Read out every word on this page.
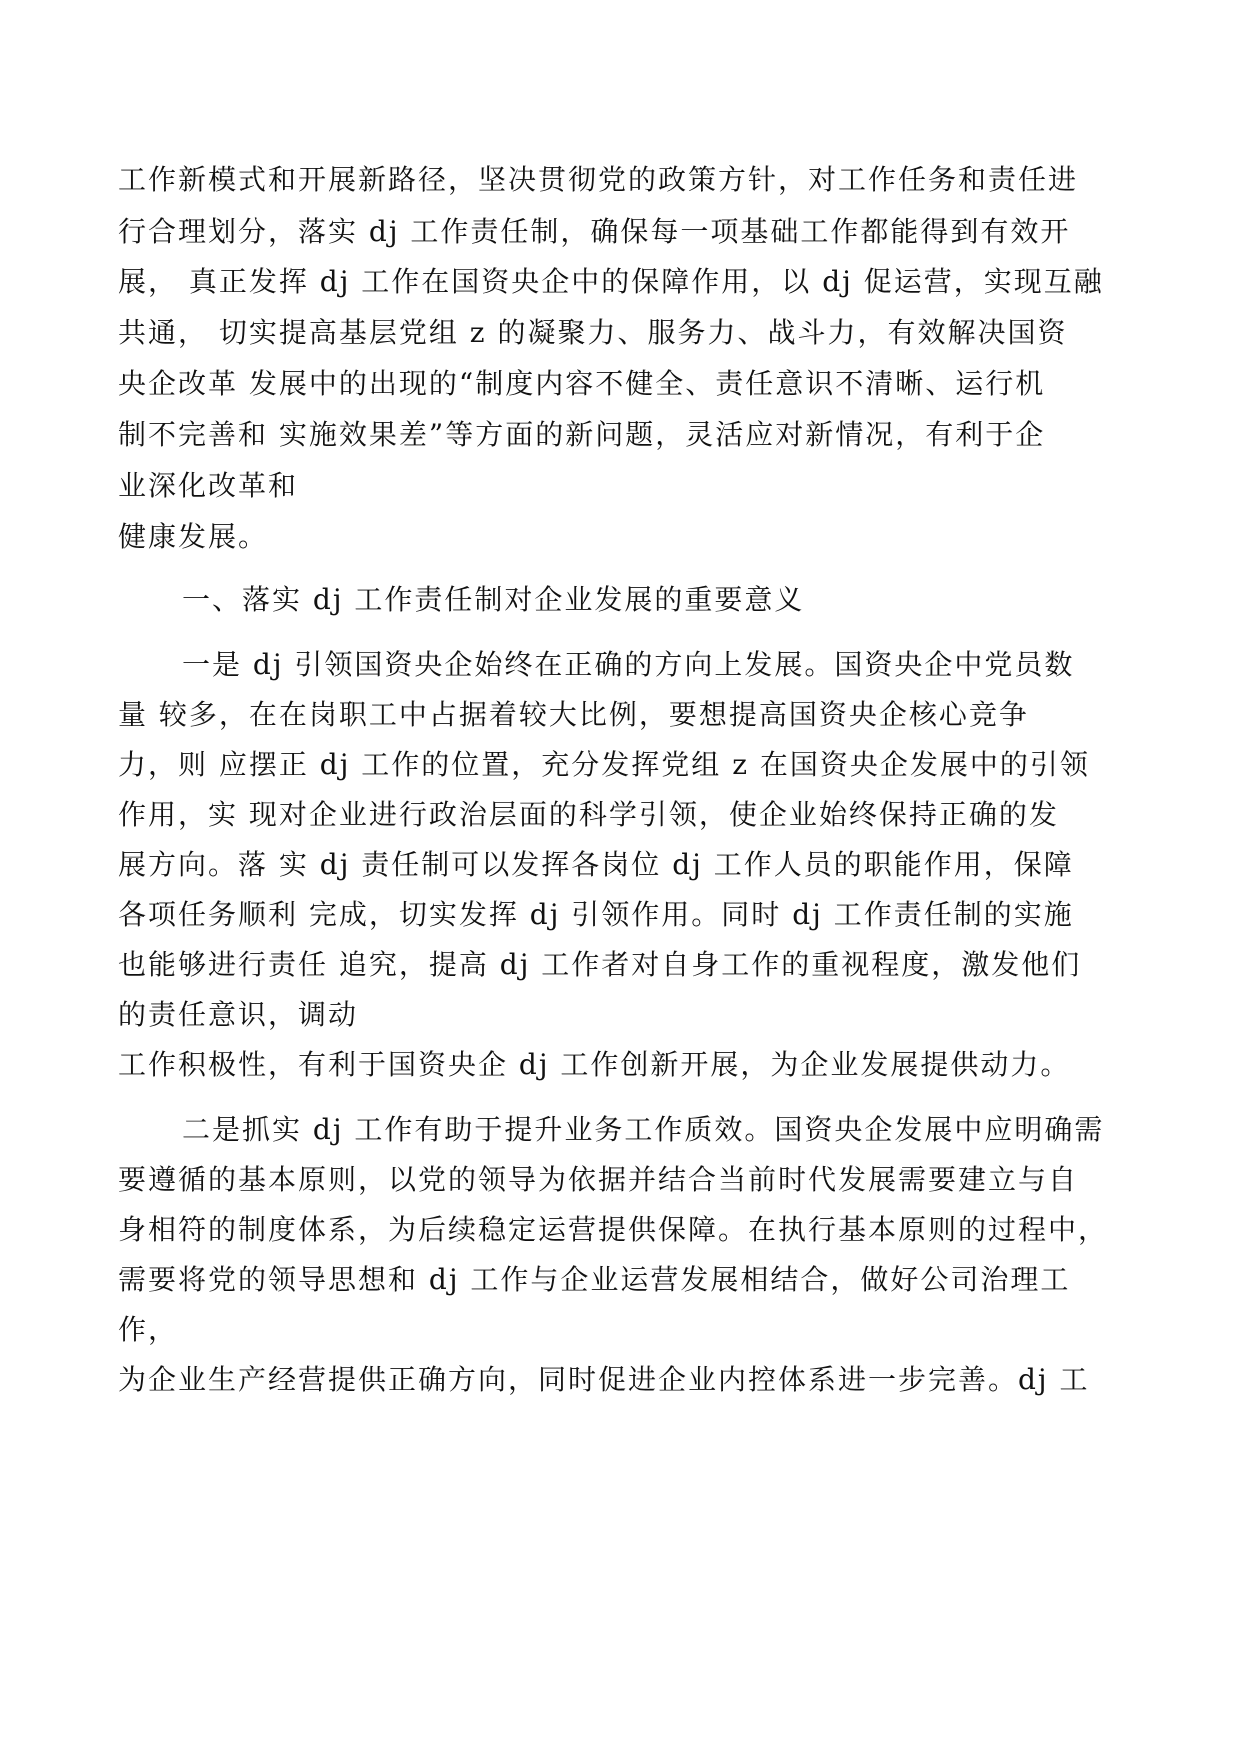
工作新模式和开展新路径，坚决贯彻党的政策方针，对工作任务和责任进
行合理划分，落实 dj 工作责任制，确保每一项基础工作都能得到有效开
展， 真正发挥 dj 工作在国资央企中的保障作用，以 dj 促运营，实现互融
共通， 切实提高基层党组 z 的凝聚力、服务力、战斗力，有效解决国资
央企改革 发展中的出现的“制度内容不健全、责任意识不清晰、运行机
制不完善和 实施效果差”等方面的新问题，灵活应对新情况，有利于企
业深化改革和
健康发展。
一、落实 dj 工作责任制对企业发展的重要意义
一是 dj 引领国资央企始终在正确的方向上发展。国资央企中党员数
量 较多，在在岗职工中占据着较大比例，要想提高国资央企核心竞争
力，则 应摆正 dj 工作的位置，充分发挥党组 z 在国资央企发展中的引领
作用，实 现对企业进行政治层面的科学引领，使企业始终保持正确的发
展方向。落 实 dj 责任制可以发挥各岗位 dj 工作人员的职能作用，保障
各项任务顺利 完成，切实发挥 dj 引领作用。同时 dj 工作责任制的实施
也能够进行责任 追究，提高 dj 工作者对自身工作的重视程度，激发他们
的责任意识，调动
工作积极性，有利于国资央企 dj 工作创新开展，为企业发展提供动力。
二是抓实 dj 工作有助于提升业务工作质效。国资央企发展中应明确需
要遵循的基本原则，以党的领导为依据并结合当前时代发展需要建立与自
身相符的制度体系，为后续稳定运营提供保障。在执行基本原则的过程中，
需要将党的领导思想和 dj 工作与企业运营发展相结合，做好公司治理工
作，
为企业生产经营提供正确方向，同时促进企业内控体系进一步完善。dj 工
